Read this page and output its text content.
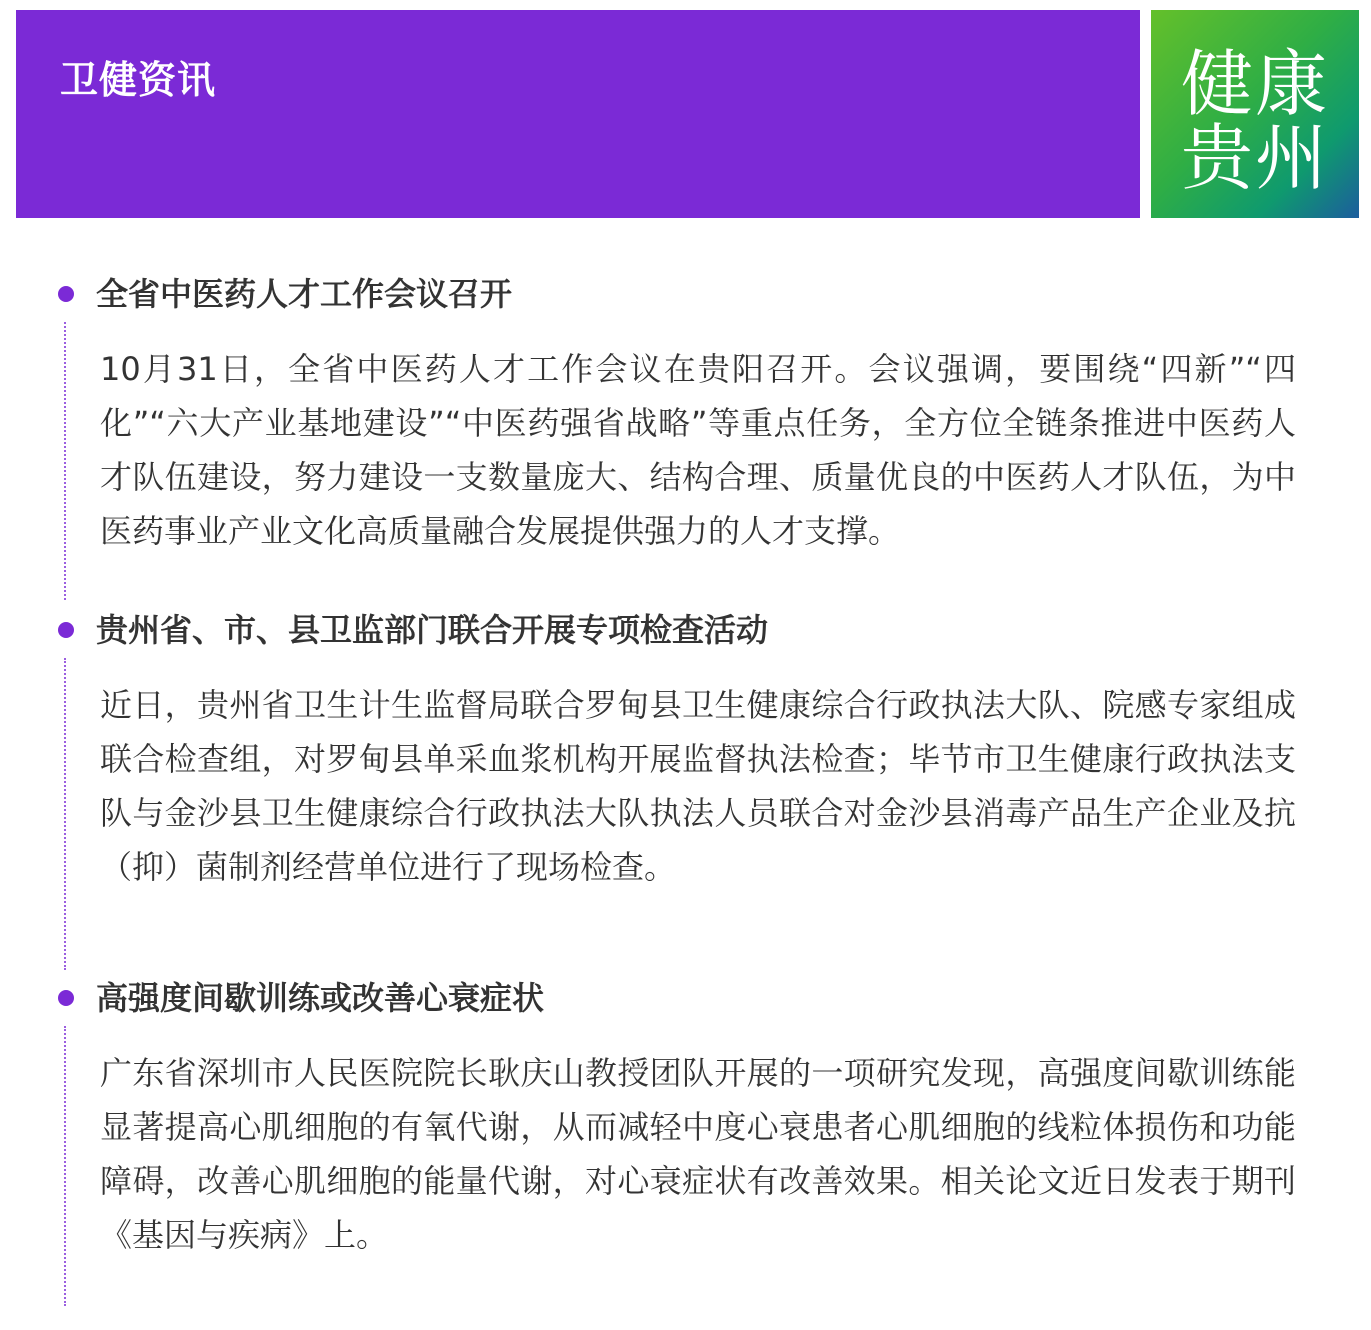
卫健资讯	健康
贵州
全省中医药人才工作会议召开
10月31日，全省中医药人才工作会议在贵阳召开。会议强调，要围绕“四新”“四化”“六大产业基地建设”“中医药强省战略”等重点任务，全方位全链条推进中医药人才队伍建设，努力建设一支数量庞大、结构合理、质量优良的中医药人才队伍，为中医药事业产业文化高质量融合发展提供强力的人才支撑。
贵州省、市、县卫监部门联合开展专项检查活动
近日，贵州省卫生计生监督局联合罗甸县卫生健康综合行政执法大队、院感专家组成联合检查组，对罗甸县单采血浆机构开展监督执法检查；毕节市卫生健康行政执法支队与金沙县卫生健康综合行政执法大队执法人员联合对金沙县消毒产品生产企业及抗（抑）菌制剂经营单位进行了现场检查。
高强度间歇训练或改善心衰症状
广东省深圳市人民医院院长耿庆山教授团队开展的一项研究发现，高强度间歇训练能显著提高心肌细胞的有氧代谢，从而减轻中度心衰患者心肌细胞的线粒体损伤和功能障碍，改善心肌细胞的能量代谢，对心衰症状有改善效果。相关论文近日发表于期刊《基因与疾病》上。
